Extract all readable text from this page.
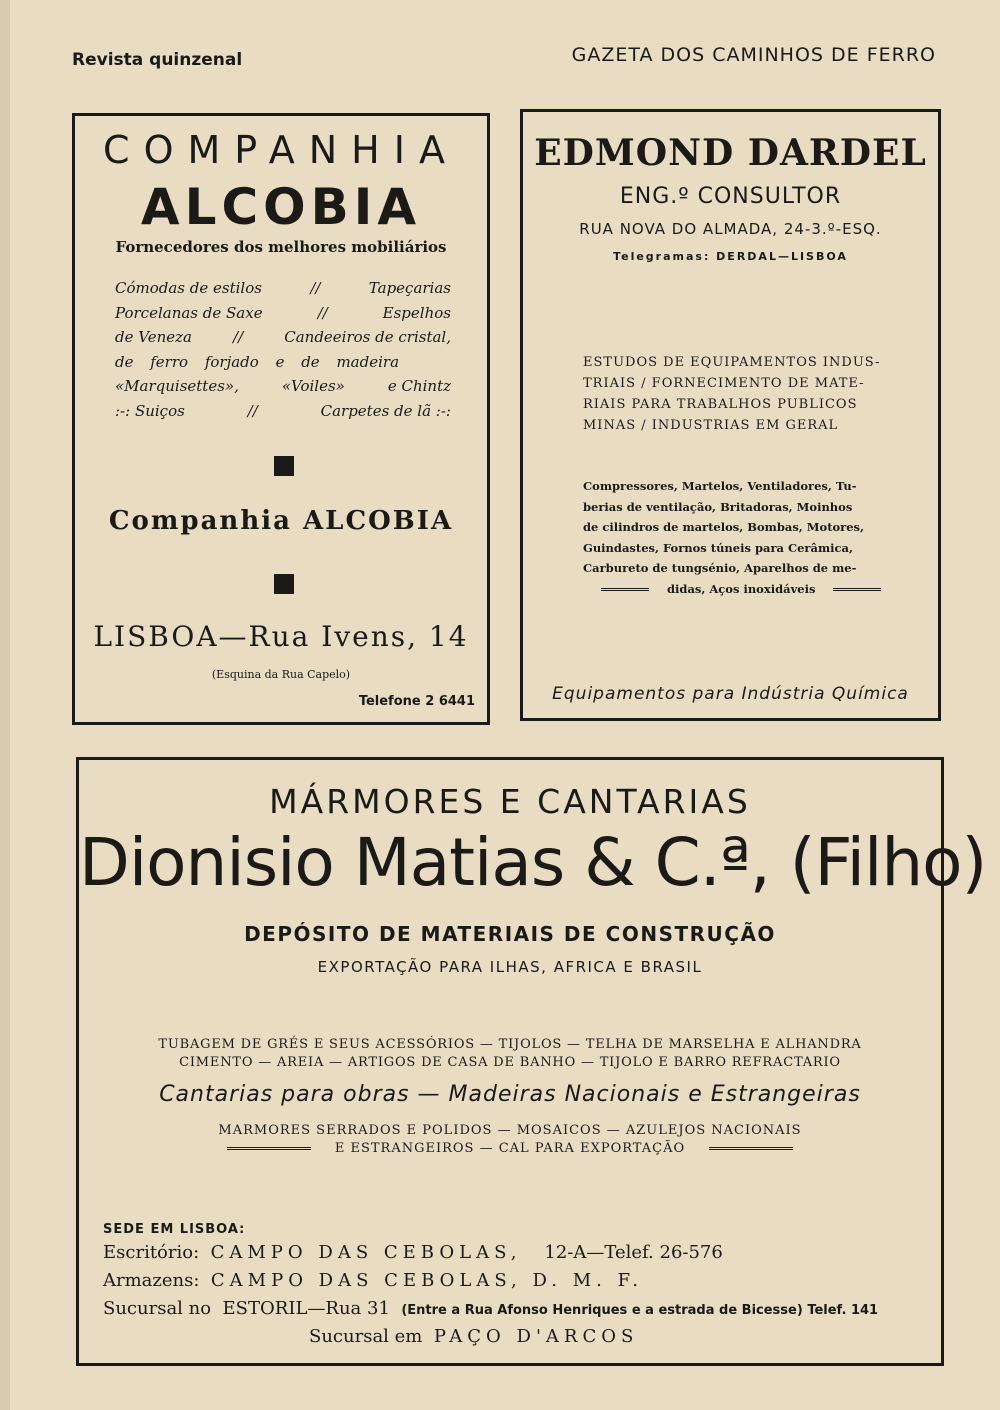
Revista quinzenal	GAZETA DOS CAMINHOS DE FERRO
COMPANHIA
ALCOBIA
Fornecedores dos melhores mobiliários
Cómodas de estilos	//	Tapeçarias
Porcelanas de Saxe	//	Espelhos
de Veneza	//	Candeeiros de cristal,
de ferro forjado e de madeira
«Marquisettes»,	«Voiles»	e Chintz
:-: Suiços	//	Carpetes de lã :-:
Companhia ALCOBIA
LISBOA—Rua Ivens, 14
(Esquina da Rua Capelo)
Telefone 2 6441
EDMOND DARDEL
ENG.º CONSULTOR
RUA NOVA DO ALMADA, 24-3.º-ESQ.
Telegramas: DERDAL—LISBOA
ESTUDOS DE EQUIPAMENTOS INDUS-
TRIAIS / FORNECIMENTO DE MATE-
RIAIS PARA TRABALHOS PUBLICOS
MINAS / INDUSTRIAS EM GERAL
Compressores, Martelos, Ventiladores, Tu-
berias de ventilação, Britadoras, Moinhos
de cilindros de martelos, Bombas, Motores,
Guindastes, Fornos túneis para Cerâmica,
Carbureto de tungsénio, Aparelhos de me-
didas, Aços inoxidáveis
Equipamentos para Indústria Química
MÁRMORES E CANTARIAS
Dionisio Matias & C.ª, (Filho)
DEPÓSITO DE MATERIAIS DE CONSTRUÇÃO
EXPORTAÇÃO PARA ILHAS, AFRICA E BRASIL
TUBAGEM DE GRÉS E SEUS ACESSÓRIOS — TIJOLOS — TELHA DE MARSELHA E ALHANDRA
CIMENTO — AREIA — ARTIGOS DE CASA DE BANHO — TIJOLO E BARRO REFRACTARIO
Cantarias para obras — Madeiras Nacionais e Estrangeiras
MARMORES SERRADOS E POLIDOS — MOSAICOS — AZULEJOS NACIONAIS
E ESTRANGEIROS — CAL PARA EXPORTAÇÃO
SEDE EM LISBOA:
Escritório: CAMPO DAS CEBOLAS, 12-A—Telef. 26-576
Armazens: CAMPO DAS CEBOLAS, D. M. F.
Sucursal no ESTORIL—Rua 31 (Entre a Rua Afonso Henriques e a estrada de Bicesse) Telef. 141
Sucursal em PAÇO D'ARCOS
